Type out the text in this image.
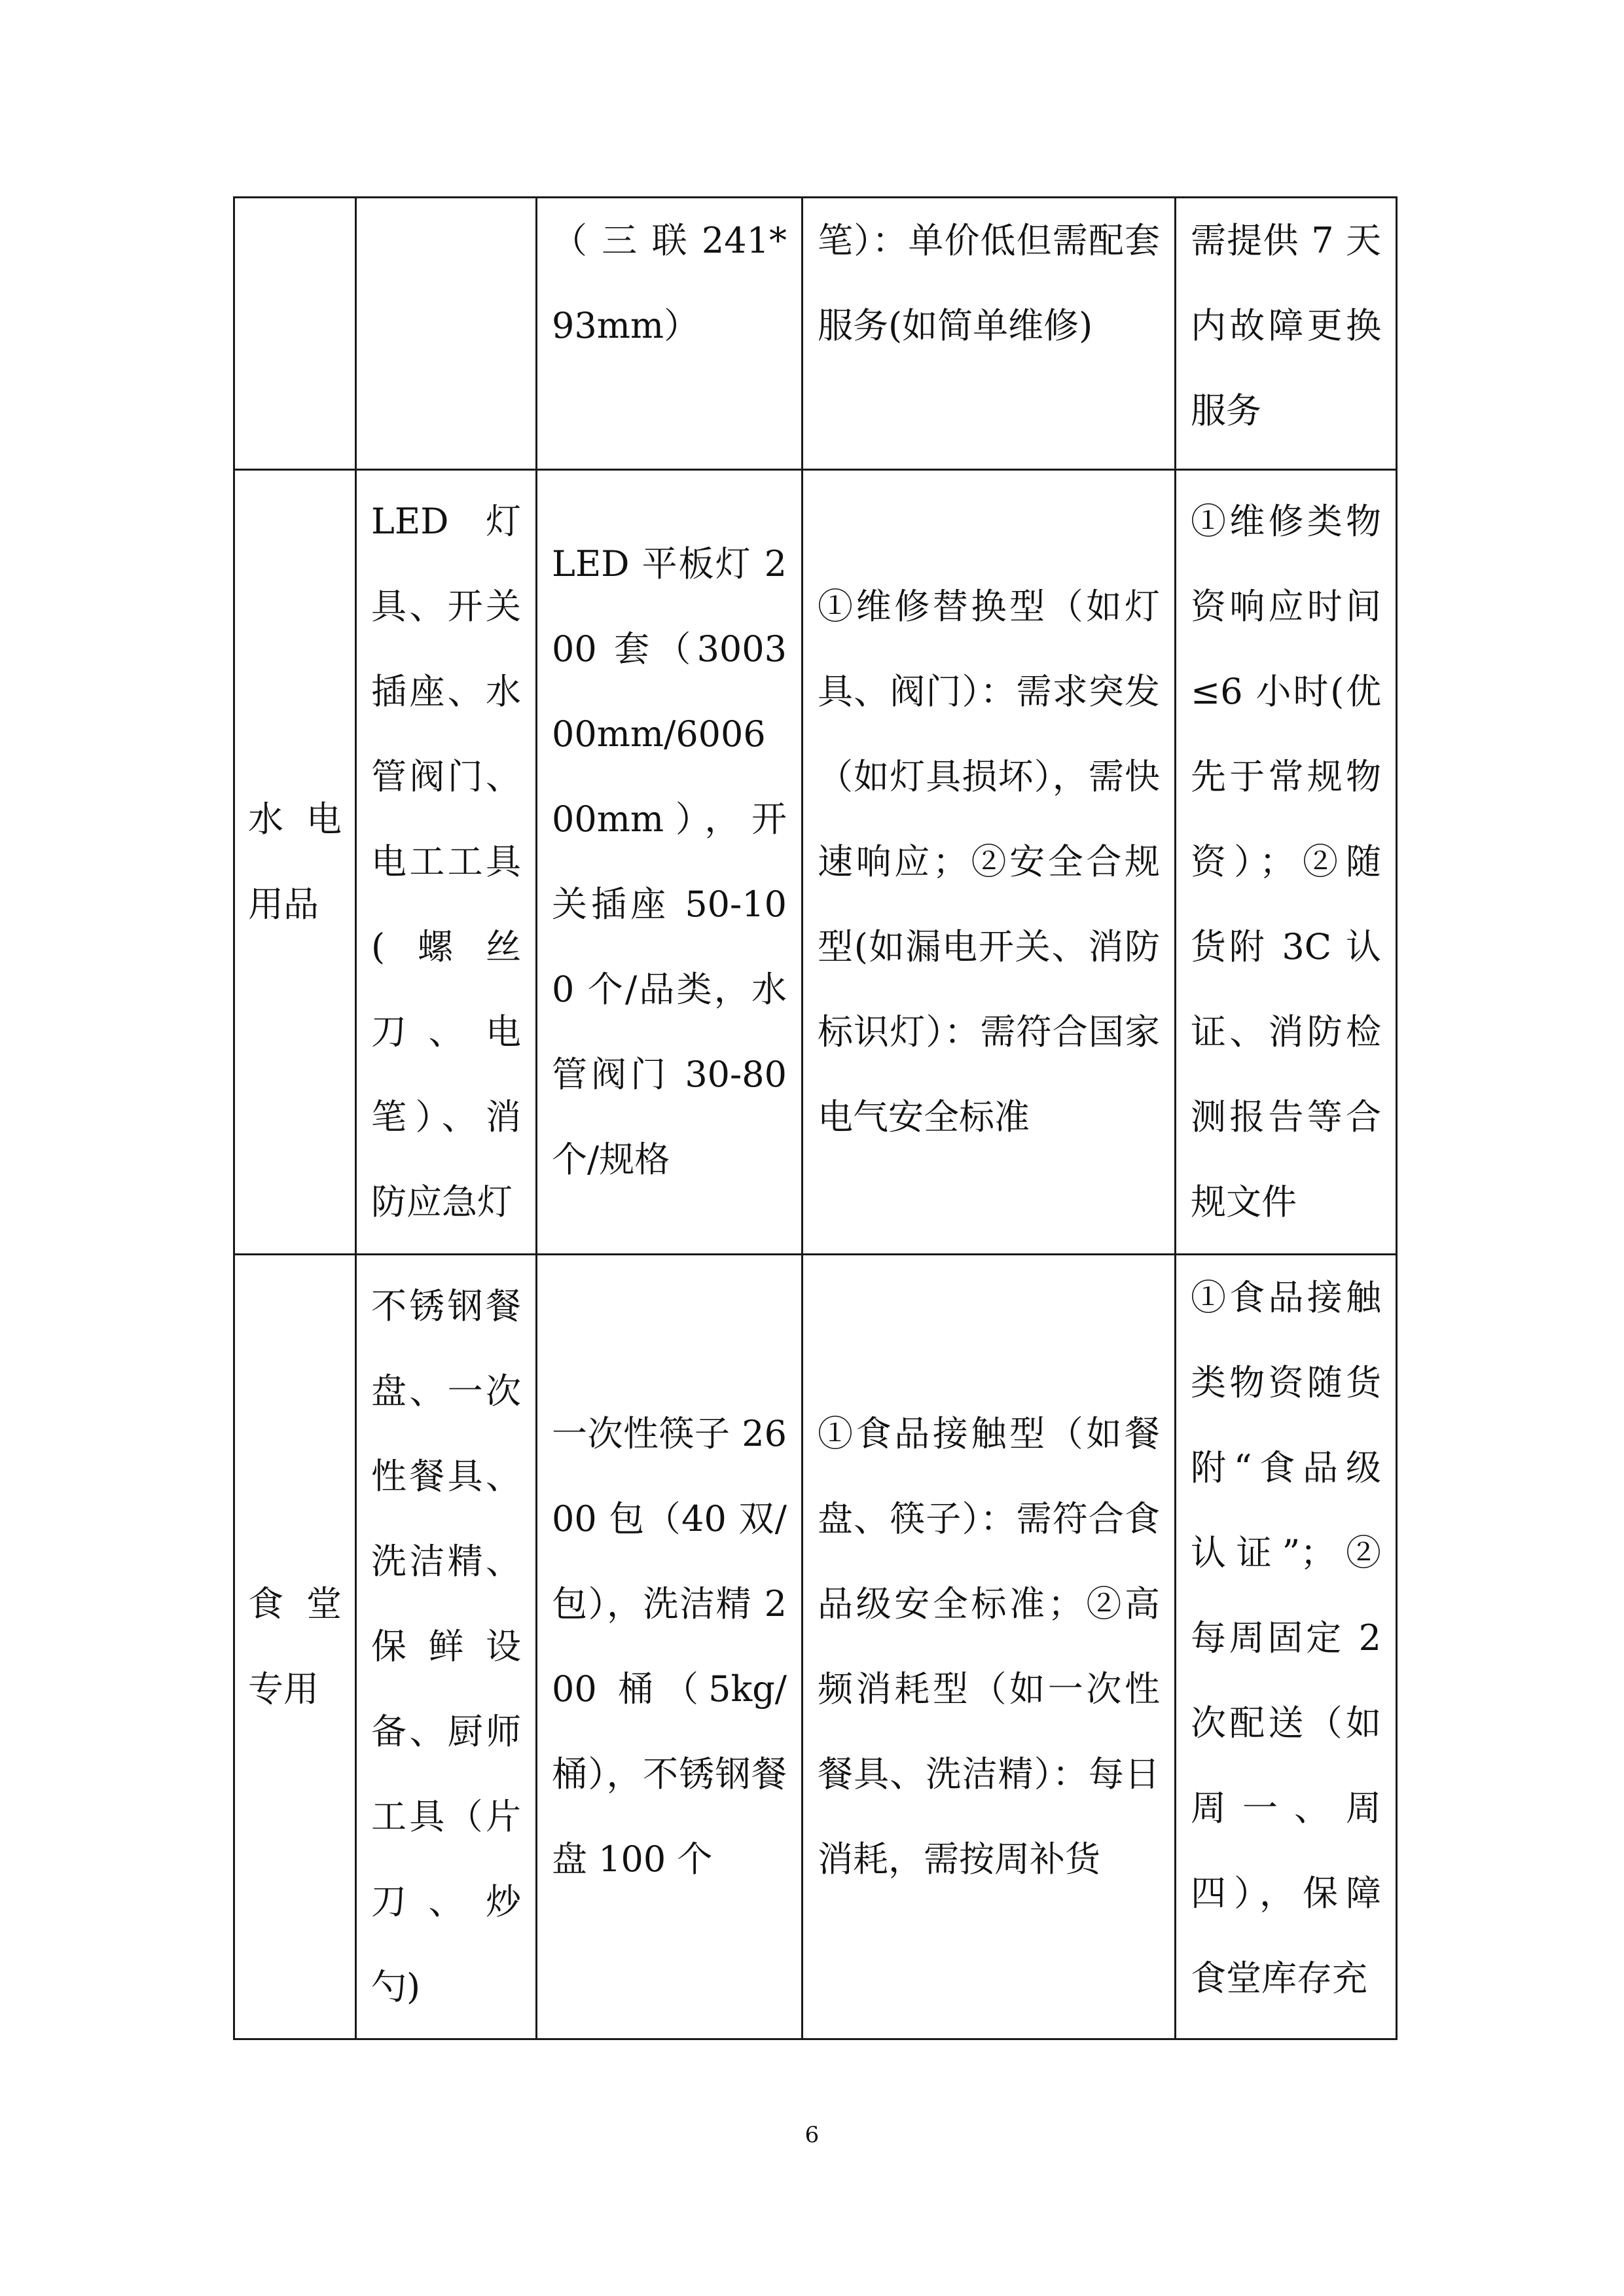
		（ 三 联 241*93mm）	笔）：单价低但需配套服务(如简单维修)	需提供 7 天内故障更换服务
水电用品	LED 灯具、开关插座、水管阀门、电工工具(螺丝刀、电笔）、消防应急灯	LED 平板灯 200 套（300300mm/600600mm），开关插座 50-100 个/品类，水管阀门 30-80 个/规格	①维修替换型（如灯具、阀门）：需求突发（如灯具损坏），需快速响应；②安全合规型(如漏电开关、消防标识灯）：需符合国家电气安全标准	①维修类物资响应时间≤6 小时(优先于常规物资）；②随货附 3C 认证、消防检测报告等合规文件
食堂专用	不锈钢餐盘、一次性餐具、洗洁精、保鲜设备、厨师工具（片刀、炒勺)	一次性筷子 2600 包（40 双/包），洗洁精 200 桶（5kg/桶），不锈钢餐盘 100 个	①食品接触型（如餐盘、筷子）：需符合食品级安全标准；②高频消耗型（如一次性餐具、洗洁精）：每日消耗，需按周补货	①食品接触类物资随货附“食品级认证”；②每周固定 2 次配送（如周一、周四），保障食堂库存充
6
